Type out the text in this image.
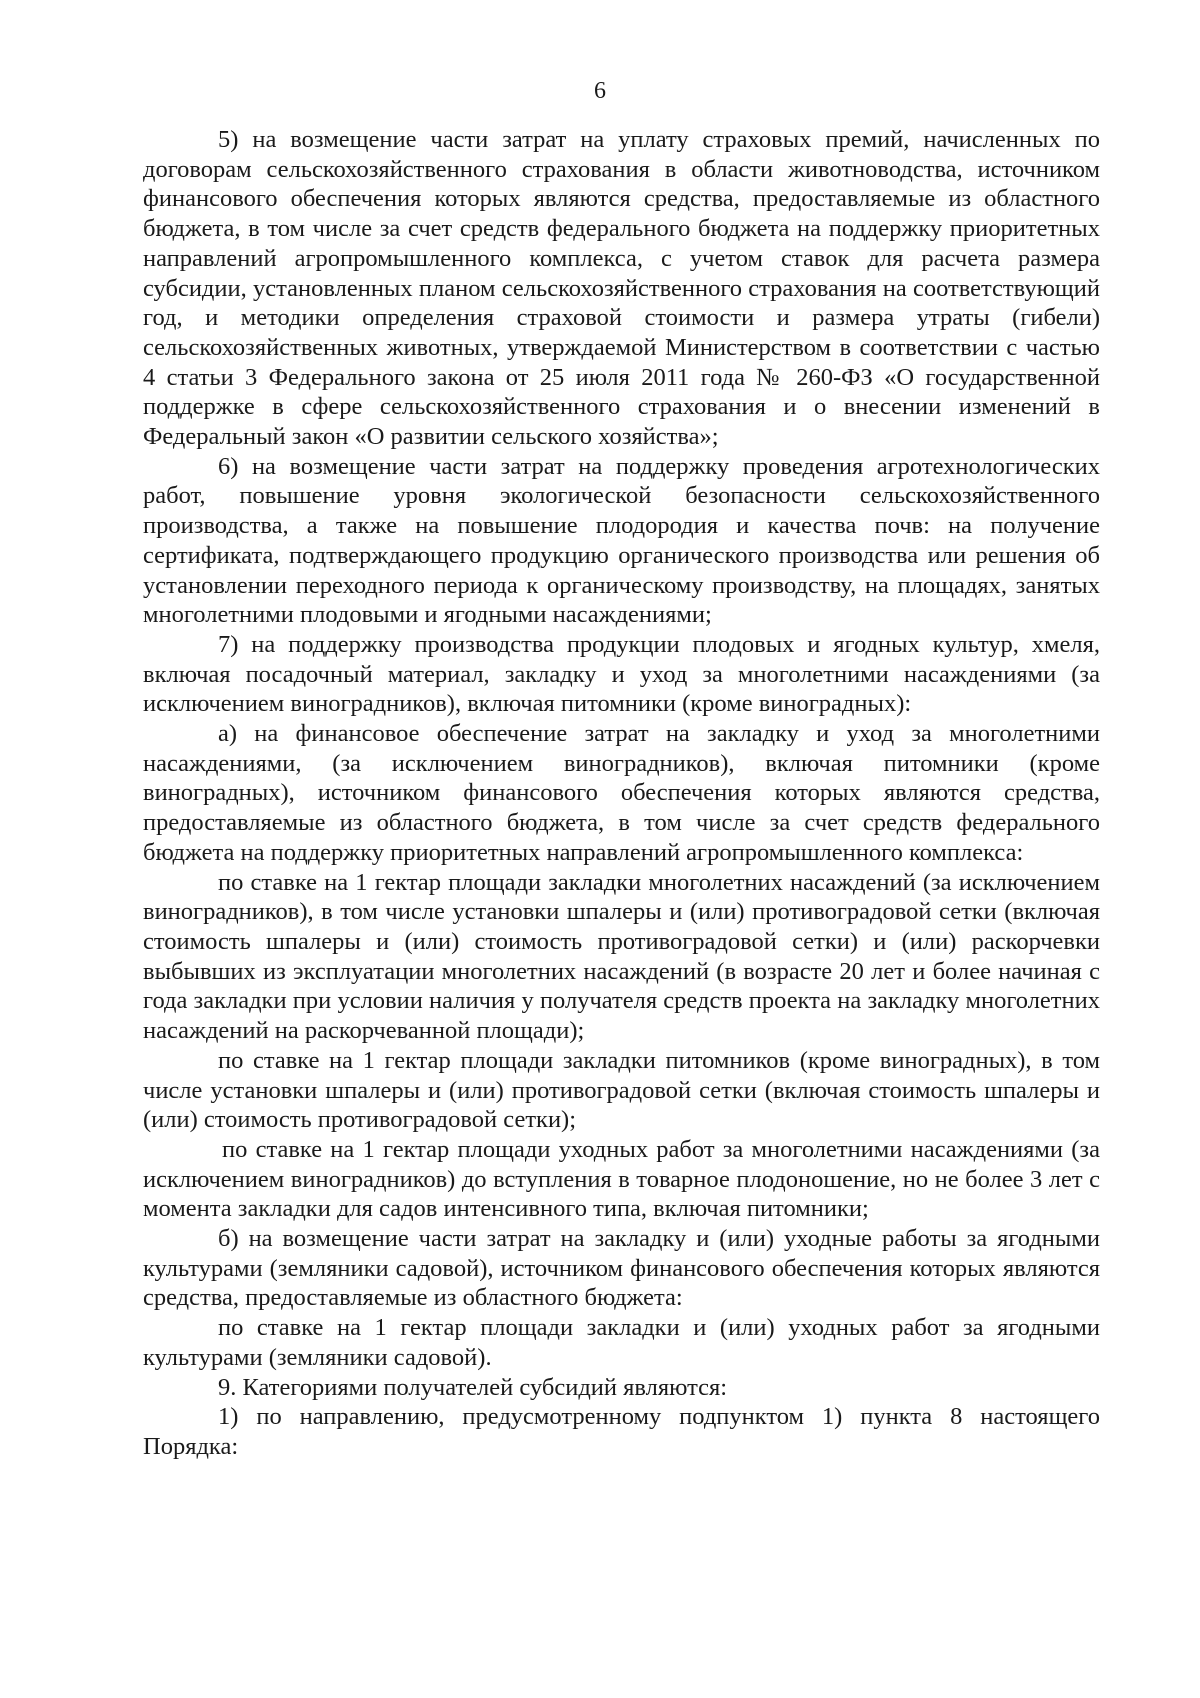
6

5) на возмещение части затрат на уплату страховых премий, начисленных по договорам сельскохозяйственного страхования в области животноводства, источником финансового обеспечения которых являются средства, предоставляемые из областного бюджета, в том числе за счет средств федерального бюджета на поддержку приоритетных направлений агропромышленного комплекса, с учетом ставок для расчета размера субсидии, установленных планом сельскохозяйственного страхования на соответствующий год, и методики определения страховой стоимости и размера утраты (гибели) сельскохозяйственных животных, утверждаемой Министерством в соответствии с частью 4 статьи 3 Федерального закона от 25 июля 2011 года № 260-ФЗ «О государственной поддержке в сфере сельскохозяйственного страхования и о внесении изменений в Федеральный закон «О развитии сельского хозяйства»;

6) на возмещение части затрат на поддержку проведения агротехнологических работ, повышение уровня экологической безопасности сельскохозяйственного производства, а также на повышение плодородия и качества почв: на получение сертификата, подтверждающего продукцию органического производства или решения об установлении переходного периода к органическому производству, на площадях, занятых многолетними плодовыми и ягодными насаждениями;

7) на поддержку производства продукции плодовых и ягодных культур, хмеля, включая посадочный материал, закладку и уход за многолетними насаждениями (за исключением виноградников), включая питомники (кроме виноградных):

а) на финансовое обеспечение затрат на закладку и уход за многолетними насаждениями, (за исключением виноградников), включая питомники (кроме виноградных), источником финансового обеспечения которых являются средства, предоставляемые из областного бюджета, в том числе за счет средств федерального бюджета на поддержку приоритетных направлений агропромышленного комплекса:

по ставке на 1 гектар площади закладки многолетних насаждений (за исключением виноградников), в том числе установки шпалеры и (или) противоградовой сетки (включая стоимость шпалеры и (или) стоимость противоградовой сетки) и (или) раскорчевки выбывших из эксплуатации многолетних насаждений (в возрасте 20 лет и более начиная с года закладки при условии наличия у получателя средств проекта на закладку многолетних насаждений на раскорчеванной площади);

по ставке на 1 гектар площади закладки питомников (кроме виноградных), в том числе установки шпалеры и (или) противоградовой сетки (включая стоимость шпалеры и (или) стоимость противоградовой сетки);

по ставке на 1 гектар площади уходных работ за многолетними насаждениями (за исключением виноградников) до вступления в товарное плодоношение, но не более 3 лет с момента закладки для садов интенсивного типа, включая питомники;

б) на возмещение части затрат на закладку и (или) уходные работы за ягодными культурами (земляники садовой), источником финансового обеспечения которых являются средства, предоставляемые из областного бюджета:

по ставке на 1 гектар площади закладки и (или) уходных работ за ягодными культурами (земляники садовой).

9. Категориями получателей субсидий являются:

1) по направлению, предусмотренному подпунктом 1) пункта 8 настоящего Порядка:
